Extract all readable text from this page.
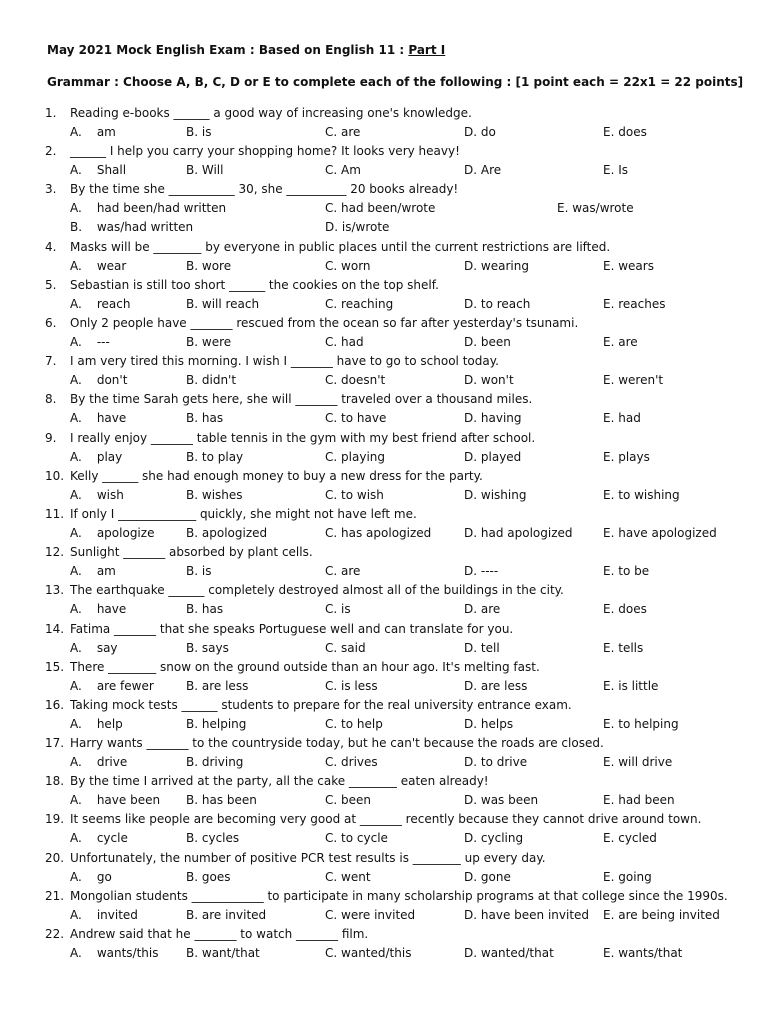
May 2021 Mock English Exam : Based on English 11 : Part I
Grammar : Choose A, B, C, D or E to complete each of the following : [1 point each = 22x1 = 22 points]
1.	Reading e-books ______ a good way of increasing one's knowledge.
A. am	B. is	C. are	D. do	E. does
2.	______ I help you carry your shopping home? It looks very heavy!
A. Shall	B. Will	C. Am	D. Are	E. Is
3.	By the time she ___________ 30, she __________ 20 books already!
A. had been/had written	C. had been/wrote	E. was/wrote
B. was/had written	D. is/wrote
4.	Masks will be ________ by everyone in public places until the current restrictions are lifted.
A. wear	B. wore	C. worn	D. wearing	E. wears
5.	Sebastian is still too short ______ the cookies on the top shelf.
A. reach	B. will reach	C. reaching	D. to reach	E. reaches
6.	Only 2 people have _______ rescued from the ocean so far after yesterday's tsunami.
A. ---	B. were	C. had	D. been	E. are
7.	I am very tired this morning. I wish I _______ have to go to school today.
A. don't	B. didn't	C. doesn't	D. won't	E. weren't
8.	By the time Sarah gets here, she will _______ traveled over a thousand miles.
A. have	B. has	C. to have	D. having	E. had
9.	I really enjoy _______ table tennis in the gym with my best friend after school.
A. play	B. to play	C. playing	D. played	E. plays
10. Kelly ______ she had enough money to buy a new dress for the party.
A. wish	B. wishes	C. to wish	D. wishing	E. to wishing
11. If only I _____________ quickly, she might not have left me.
A. apologize	B. apologized	C. has apologized	D. had apologized	E. have apologized
12. Sunlight _______ absorbed by plant cells.
A. am	B. is	C. are	D. ----	E. to be
13. The earthquake ______ completely destroyed almost all of the buildings in the city.
A. have	B. has	C. is	D. are	E. does
14. Fatima _______ that she speaks Portuguese well and can translate for you.
A. say	B. says	C. said	D. tell	E. tells
15. There ________ snow on the ground outside than an hour ago. It's melting fast.
A. are fewer	B. are less	C. is less	D. are less	E. is little
16. Taking mock tests ______ students to prepare for the real university entrance exam.
A. help	B. helping	C. to help	D. helps	E. to helping
17. Harry wants _______ to the countryside today, but he can't because the roads are closed.
A. drive	B. driving	C. drives	D. to drive	E. will drive
18. By the time I arrived at the party, all the cake ________ eaten already!
A. have been B. has been	C. been	D. was been	E. had been
19. It seems like people are becoming very good at _______ recently because they cannot drive around town.
A. cycle	B. cycles	C. to cycle	D. cycling	E. cycled
20. Unfortunately, the number of positive PCR test results is ________ up every day.
A. go	B. goes	C. went	D. gone	E. going
21. Mongolian students ____________ to participate in many scholarship programs at that college since the 1990s.
A. invited	B. are invited	C. were invited	D. have been invited E. are being invited
22. Andrew said that he _______ to watch _______ film.
A. wants/this B. want/that	C. wanted/this	D. wanted/that	E. wants/that
